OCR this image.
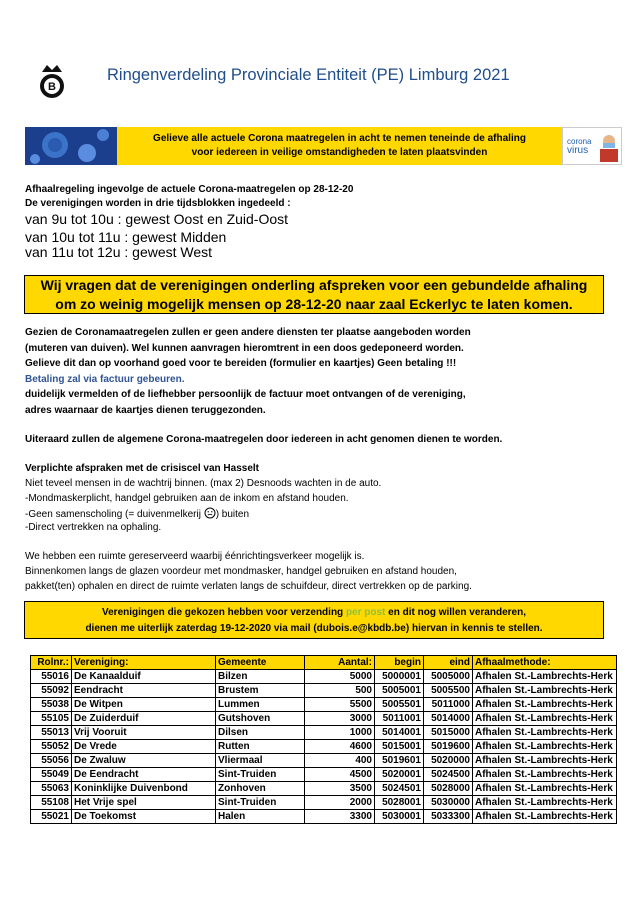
B
Ringenverdeling Provinciale Entiteit (PE) Limburg 2021
Gelieve alle actuele Corona maatregelen in acht te nemen teneinde de afhaling
voor iedereen in veilige omstandigheden te laten plaatsvinden
corona
virus
Afhaalregeling ingevolge de actuele Corona-maatregelen op 28-12-20
De verenigingen worden in drie tijdsblokken ingedeeld :
van 9u tot 10u : gewest Oost en Zuid-Oost
van 10u tot 11u : gewest Midden
van 11u tot 12u : gewest West
Wij vragen dat de verenigingen onderling afspreken voor een gebundelde afhaling
om zo weinig mogelijk mensen op 28-12-20 naar zaal Eckerlyc te laten komen.
Gezien de Coronamaatregelen zullen er geen andere diensten ter plaatse aangeboden worden
(muteren van duiven). Wel kunnen aanvragen hieromtrent in een doos gedeponeerd worden.
Gelieve dit dan op voorhand goed voor te bereiden (formulier en kaartjes) Geen betaling !!!
Betaling zal via factuur gebeuren.
duidelijk vermelden of de liefhebber persoonlijk de factuur moet ontvangen of de vereniging,
adres waarnaar de kaartjes dienen teruggezonden.
Uiteraard zullen de algemene Corona-maatregelen door iedereen in acht genomen dienen te worden.
Verplichte afspraken met de crisiscel van Hasselt
Niet teveel mensen in de wachtrij binnen. (max 2) Desnoods wachten in de auto.
-Mondmaskerplicht, handgel gebruiken aan de inkom en afstand houden.
-Geen samenscholing (= duivenmelkerij ) buiten
-Direct vertrekken na ophaling.
We hebben een ruimte gereserveerd waarbij éénrichtingsverkeer mogelijk is.
Binnenkomen langs de glazen voordeur met mondmasker, handgel gebruiken en afstand houden,
pakket(ten) ophalen en direct de ruimte verlaten langs de schuifdeur, direct vertrekken op de parking.
Verenigingen die gekozen hebben voor verzending per post en dit nog willen veranderen,
dienen me uiterlijk zaterdag 19-12-2020 via mail (dubois.e@kbdb.be) hiervan in kennis te stellen.
Rolnr.:	Vereniging:	Gemeente	Aantal:	begin	eind	Afhaalmethode:
55016	De Kanaalduif	Bilzen	5000	5000001	5005000	Afhalen St.-Lambrechts-Herk
55092	Eendracht	Brustem	500	5005001	5005500	Afhalen St.-Lambrechts-Herk
55038	De Witpen	Lummen	5500	5005501	5011000	Afhalen St.-Lambrechts-Herk
55105	De Zuiderduif	Gutshoven	3000	5011001	5014000	Afhalen St.-Lambrechts-Herk
55013	Vrij Vooruit	Dilsen	1000	5014001	5015000	Afhalen St.-Lambrechts-Herk
55052	De Vrede	Rutten	4600	5015001	5019600	Afhalen St.-Lambrechts-Herk
55056	De Zwaluw	Vliermaal	400	5019601	5020000	Afhalen St.-Lambrechts-Herk
55049	De Eendracht	Sint-Truiden	4500	5020001	5024500	Afhalen St.-Lambrechts-Herk
55063	Koninklijke Duivenbond	Zonhoven	3500	5024501	5028000	Afhalen St.-Lambrechts-Herk
55108	Het Vrije spel	Sint-Truiden	2000	5028001	5030000	Afhalen St.-Lambrechts-Herk
55021	De Toekomst	Halen	3300	5030001	5033300	Afhalen St.-Lambrechts-Herk
